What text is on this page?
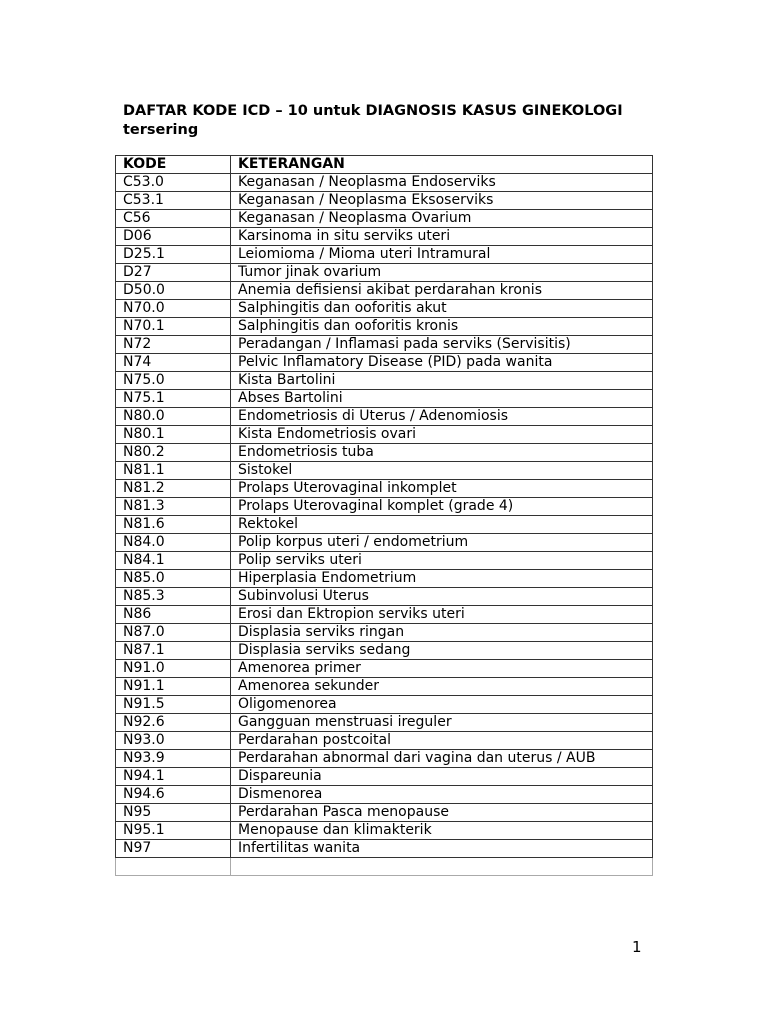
DAFTAR KODE ICD – 10 untuk DIAGNOSIS KASUS GINEKOLOGI tersering
KODE	KETERANGAN
C53.0	Keganasan / Neoplasma Endoserviks
C53.1	Keganasan / Neoplasma Eksoserviks
C56	Keganasan / Neoplasma Ovarium
D06	Karsinoma in situ serviks uteri
D25.1	Leiomioma / Mioma uteri Intramural
D27	Tumor jinak ovarium
D50.0	Anemia defisiensi akibat perdarahan kronis
N70.0	Salphingitis dan ooforitis akut
N70.1	Salphingitis dan ooforitis kronis
N72	Peradangan / Inflamasi pada serviks (Servisitis)
N74	Pelvic Inflamatory Disease (PID) pada wanita
N75.0	Kista Bartolini
N75.1	Abses Bartolini
N80.0	Endometriosis di Uterus / Adenomiosis
N80.1	Kista Endometriosis ovari
N80.2	Endometriosis tuba
N81.1	Sistokel
N81.2	Prolaps Uterovaginal inkomplet
N81.3	Prolaps Uterovaginal komplet (grade 4)
N81.6	Rektokel
N84.0	Polip korpus uteri / endometrium
N84.1	Polip serviks uteri
N85.0	Hiperplasia Endometrium
N85.3	Subinvolusi Uterus
N86	Erosi dan Ektropion serviks uteri
N87.0	Displasia serviks ringan
N87.1	Displasia serviks sedang
N91.0	Amenorea primer
N91.1	Amenorea sekunder
N91.5	Oligomenorea
N92.6	Gangguan menstruasi ireguler
N93.0	Perdarahan postcoital
N93.9	Perdarahan abnormal dari vagina dan uterus / AUB
N94.1	Dispareunia
N94.6	Dismenorea
N95	Perdarahan Pasca menopause
N95.1	Menopause dan klimakterik
N97	Infertilitas wanita

1
